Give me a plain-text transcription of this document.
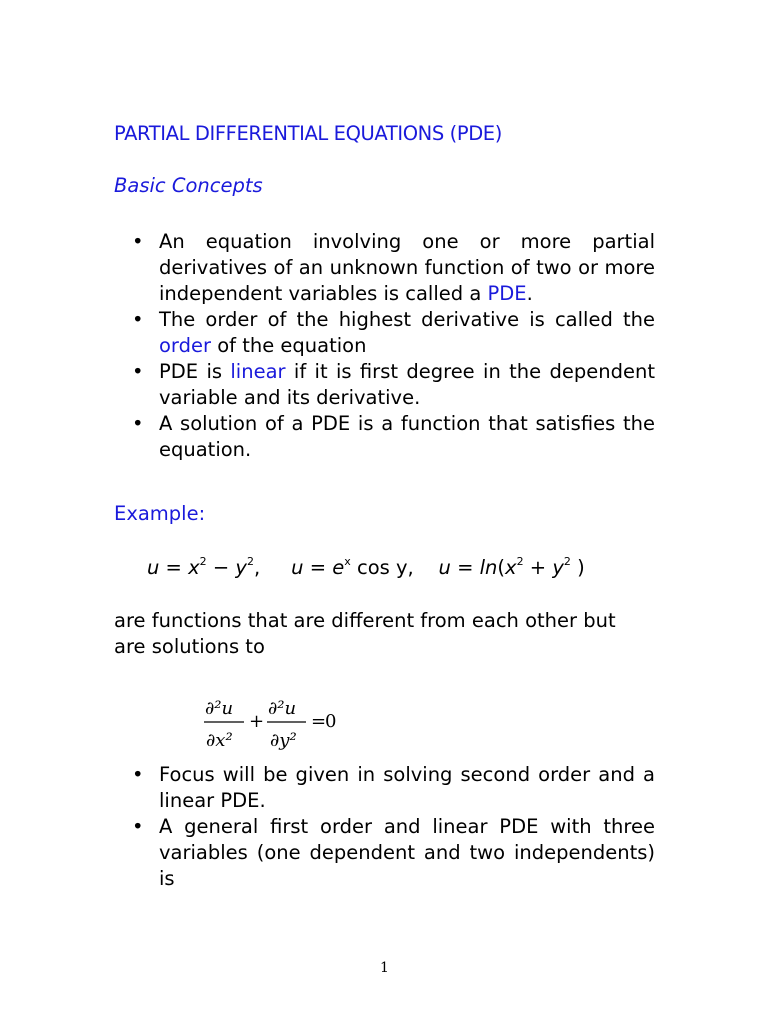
PARTIAL DIFFERENTIAL EQUATIONS (PDE)
Basic Concepts
• An equation involving one or more partial derivatives of an unknown function of two or more independent variables is called a PDE.
• The order of the highest derivative is called the order of the equation
• PDE is linear if it is first degree in the dependent variable and its derivative.
• A solution of a PDE is a function that satisfies the equation.
Example:
$u = x^2 - y^2$,     $u = e^x$ cos y,    $u = \ln(x^2 + y^2$ )
are functions that are different from each other but
are solutions to
∂²u
∂x²
+
∂²u
∂y²
=
0
• Focus will be given in solving second order and a linear PDE.
• A general first order and linear PDE with three variables (one dependent and two independents) is
1
